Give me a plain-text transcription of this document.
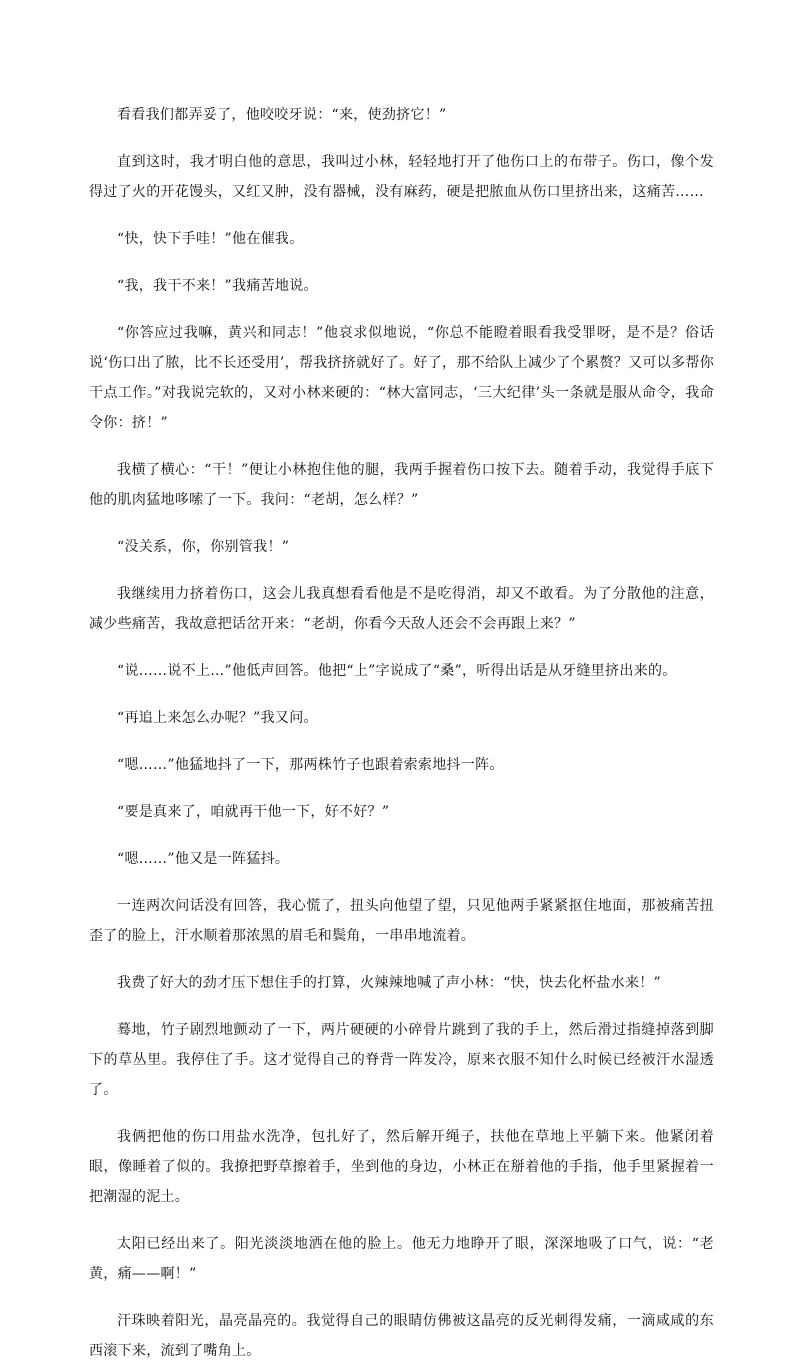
看看我们都弄妥了，他咬咬牙说：“来，使劲挤它！”

直到这时，我才明白他的意思，我叫过小林，轻轻地打开了他伤口上的布带子。伤口，像个发得过了火的开花馒头，又红又肿，没有器械，没有麻药，硬是把脓血从伤口里挤出来，这痛苦……

“快，快下手哇！”他在催我。

“我，我干不来！”我痛苦地说。

“你答应过我嘛，黄兴和同志！”他哀求似地说，“你总不能瞪着眼看我受罪呀，是不是？俗话说‘伤口出了脓，比不长还受用’，帮我挤挤就好了。好了，那不给队上减少了个累赘？又可以多帮你干点工作。”对我说完软的，又对小林来硬的：“林大富同志，‘三大纪律’头一条就是服从命令，我命令你：挤！”

我横了横心：“干！”便让小林抱住他的腿，我两手握着伤口按下去。随着手动，我觉得手底下他的肌肉猛地哆嗦了一下。我问：“老胡，怎么样？”

“没关系，你，你别管我！”

我继续用力挤着伤口，这会儿我真想看看他是不是吃得消，却又不敢看。为了分散他的注意，减少些痛苦，我故意把话岔开来：“老胡，你看今天敌人还会不会再跟上来？”

“说……说不上…”他低声回答。他把“上”字说成了“桑”，听得出话是从牙缝里挤出来的。

“再追上来怎么办呢？”我又问。

“嗯……”他猛地抖了一下，那两株竹子也跟着索索地抖一阵。

“要是真来了，咱就再干他一下，好不好？”

“嗯……”他又是一阵猛抖。

一连两次问话没有回答，我心慌了，扭头向他望了望，只见他两手紧紧抠住地面，那被痛苦扭歪了的脸上，汗水顺着那浓黑的眉毛和鬓角，一串串地流着。

我费了好大的劲才压下想住手的打算，火辣辣地喊了声小林：“快，快去化杯盐水来！”

蓦地，竹子剧烈地颤动了一下，两片硬硬的小碎骨片跳到了我的手上，然后滑过指缝掉落到脚下的草丛里。我停住了手。这才觉得自己的脊背一阵发冷，原来衣服不知什么时候已经被汗水湿透了。

我俩把他的伤口用盐水洗净，包扎好了，然后解开绳子，扶他在草地上平躺下来。他紧闭着眼，像睡着了似的。我撩把野草擦着手，坐到他的身边，小林正在掰着他的手指，他手里紧握着一把潮湿的泥土。

太阳已经出来了。阳光淡淡地洒在他的脸上。他无力地睁开了眼，深深地吸了口气，说：“老黄，痛——啊！”

汗珠映着阳光，晶亮晶亮的。我觉得自己的眼睛仿佛被这晶亮的反光刺得发痛，一滴咸咸的东西滚下来，流到了嘴角上。
